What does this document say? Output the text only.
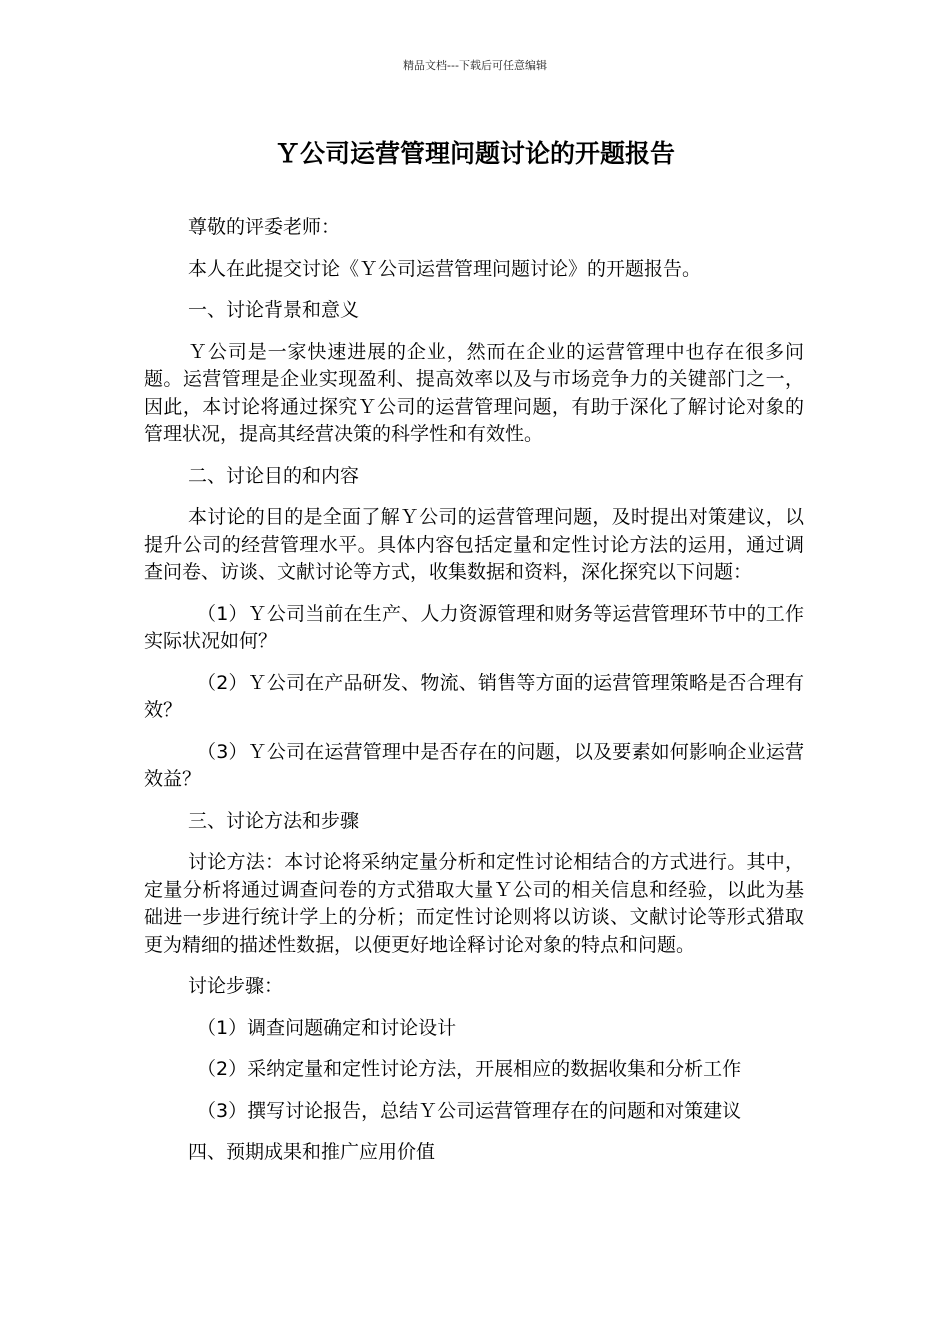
精品文档---下载后可任意编辑
Ｙ公司运营管理问题讨论的开题报告

尊敬的评委老师：

本人在此提交讨论《Ｙ公司运营管理问题讨论》的开题报告。

一、讨论背景和意义

Ｙ公司是一家快速进展的企业，然而在企业的运营管理中也存在很多问题。运营管理是企业实现盈利、提高效率以及与市场竞争力的关键部门之一，因此，本讨论将通过探究Ｙ公司的运营管理问题，有助于深化了解讨论对象的管理状况，提高其经营决策的科学性和有效性。

二、讨论目的和内容

本讨论的目的是全面了解Ｙ公司的运营管理问题，及时提出对策建议，以提升公司的经营管理水平。具体内容包括定量和定性讨论方法的运用，通过调查问卷、访谈、文献讨论等方式，收集数据和资料，深化探究以下问题：

（1）Ｙ公司当前在生产、人力资源管理和财务等运营管理环节中的工作实际状况如何？

（2）Ｙ公司在产品研发、物流、销售等方面的运营管理策略是否合理有效？

（3）Ｙ公司在运营管理中是否存在的问题，以及要素如何影响企业运营效益？

三、讨论方法和步骤

讨论方法：本讨论将采纳定量分析和定性讨论相结合的方式进行。其中，定量分析将通过调查问卷的方式猎取大量Ｙ公司的相关信息和经验，以此为基础进一步进行统计学上的分析；而定性讨论则将以访谈、文献讨论等形式猎取更为精细的描述性数据，以便更好地诠释讨论对象的特点和问题。

讨论步骤：

（1）调查问题确定和讨论设计

（2）采纳定量和定性讨论方法，开展相应的数据收集和分析工作

（3）撰写讨论报告，总结Ｙ公司运营管理存在的问题和对策建议

四、预期成果和推广应用价值
